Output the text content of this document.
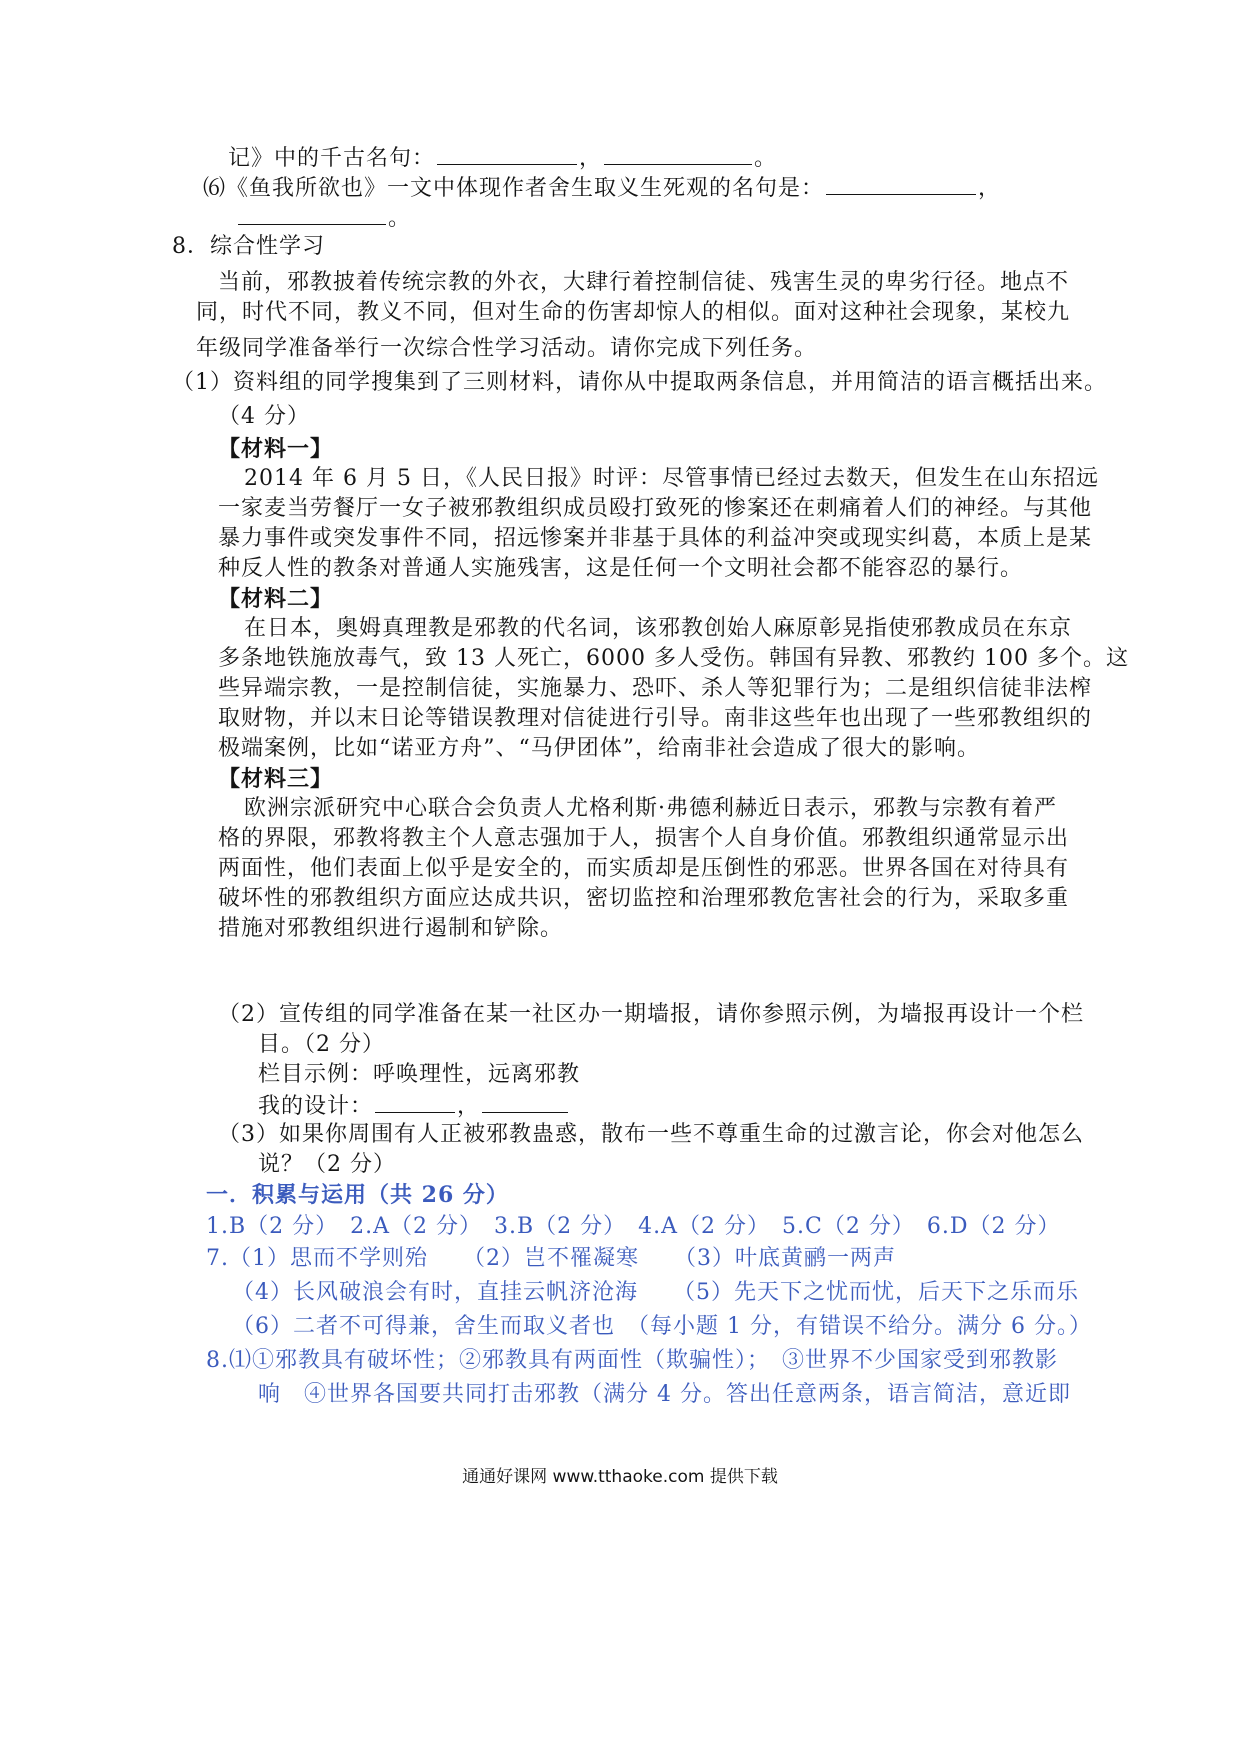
记》中的千古名句：	，	。
⑹《鱼我所欲也》一文中体现作者舍生取义生死观的名句是：	，
。
8．综合性学习
当前，邪教披着传统宗教的外衣，大肆行着控制信徒、残害生灵的卑劣行径。地点不
同，时代不同，教义不同，但对生命的伤害却惊人的相似。面对这种社会现象，某校九
年级同学准备举行一次综合性学习活动。请你完成下列任务。
（1）资料组的同学搜集到了三则材料，请你从中提取两条信息，并用简洁的语言概括出来。
（4 分）
【材料一】
2014 年 6 月 5 日，《人民日报》时评：尽管事情已经过去数天，但发生在山东招远
一家麦当劳餐厅一女子被邪教组织成员殴打致死的惨案还在刺痛着人们的神经。与其他
暴力事件或突发事件不同，招远惨案并非基于具体的利益冲突或现实纠葛，本质上是某
种反人性的教条对普通人实施残害，这是任何一个文明社会都不能容忍的暴行。
【材料二】
在日本，奥姆真理教是邪教的代名词，该邪教创始人麻原彰晃指使邪教成员在东京
多条地铁施放毒气，致 13 人死亡，6000 多人受伤。韩国有异教、邪教约 100 多个。这
些异端宗教，一是控制信徒，实施暴力、恐吓、杀人等犯罪行为；二是组织信徒非法榨
取财物，并以末日论等错误教理对信徒进行引导。南非这些年也出现了一些邪教组织的
极端案例，比如“诺亚方舟”、“马伊团体”，给南非社会造成了很大的影响。
【材料三】
欧洲宗派研究中心联合会负责人尤格利斯·弗德利赫近日表示，邪教与宗教有着严
格的界限，邪教将教主个人意志强加于人，损害个人自身价值。邪教组织通常显示出
两面性，他们表面上似乎是安全的，而实质却是压倒性的邪恶。世界各国在对待具有
破坏性的邪教组织方面应达成共识，密切监控和治理邪教危害社会的行为，采取多重
措施对邪教组织进行遏制和铲除。
（2）宣传组的同学准备在某一社区办一期墙报，请你参照示例，为墙报再设计一个栏
目。（2 分）
栏目示例：呼唤理性，远离邪教
我的设计：	，
（3）如果你周围有人正被邪教蛊惑，散布一些不尊重生命的过激言论，你会对他怎么
说？（2 分）
一．积累与运用（共 26 分）
1.B（2 分）　2.A（2 分）　3.B（2 分）　4.A（2 分）　5.C（2 分）　6.D（2 分）
7.（1）思而不学则殆　　（2）岂不罹凝寒　　（3）叶底黄鹂一两声
（4）长风破浪会有时，直挂云帆济沧海　　（5）先天下之忧而忧，后天下之乐而乐
（6）二者不可得兼，舍生而取义者也　（每小题 1 分，有错误不给分。满分 6 分。）
8.⑴①邪教具有破坏性；②邪教具有两面性（欺骗性）；　③世界不少国家受到邪教影
响　④世界各国要共同打击邪教（满分 4 分。答出任意两条，语言简洁，意近即
通通好课网 www.tthaoke.com 提供下载
